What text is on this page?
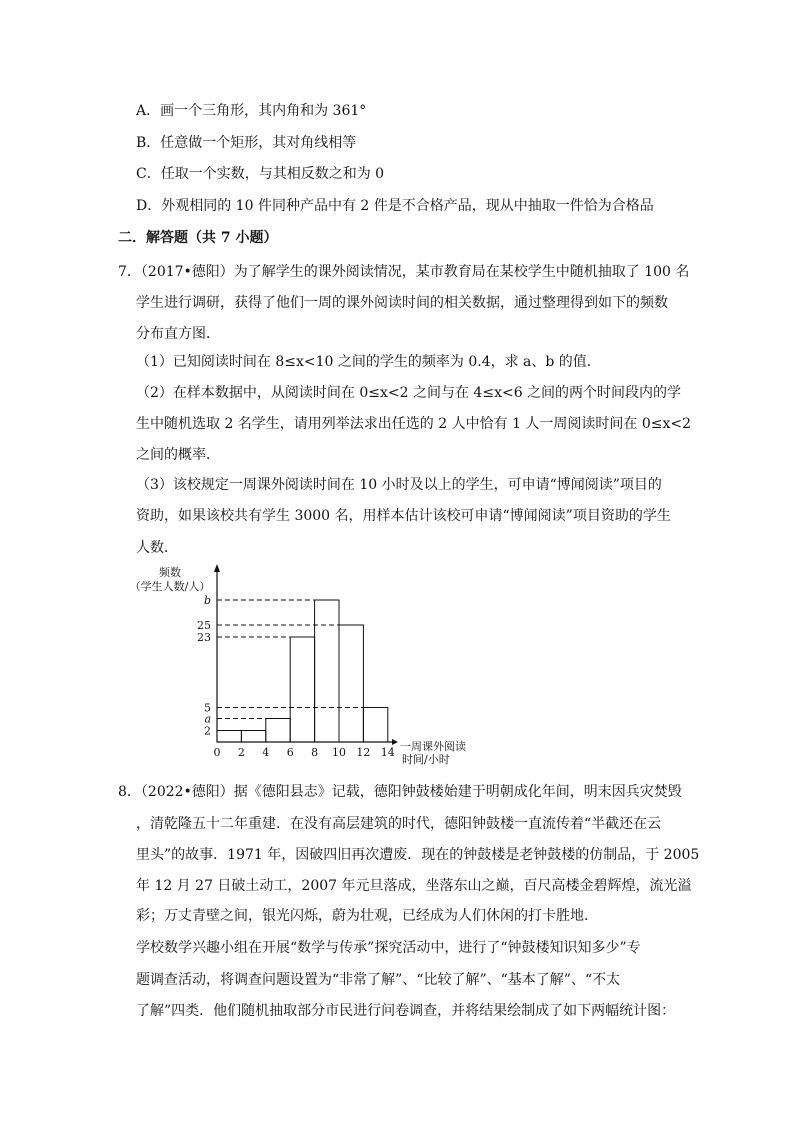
A．画一个三角形，其内角和为 361°
B．任意做一个矩形，其对角线相等
C．任取一个实数，与其相反数之和为 0
D．外观相同的 10 件同种产品中有 2 件是不合格产品，现从中抽取一件恰为合格品
二．解答题（共 7 小题）
7．（2017•德阳）为了解学生的课外阅读情况，某市教育局在某校学生中随机抽取了 100 名
学生进行调研，获得了他们一周的课外阅读时间的相关数据，通过整理得到如下的频数
分布直方图．
（1）已知阅读时间在 8≤x<10 之间的学生的频率为 0.4，求 a、b 的值．
（2）在样本数据中，从阅读时间在 0≤x<2 之间与在 4≤x<6 之间的两个时间段内的学
生中随机选取 2 名学生，请用列举法求出任选的 2 人中恰有 1 人一周阅读时间在 0≤x<2
之间的概率．
（3）该校规定一周课外阅读时间在 10 小时及以上的学生，可申请“博闻阅读”项目的
资助，如果该校共有学生 3000 名，用样本估计该校可申请“博闻阅读”项目资助的学生
人数．
2
a
5
23
25
b
0 2 4 6 8 10 12 14
频数
（学生人数/人）
一周课外阅读
时间/小时
8．（2022•德阳）据《德阳县志》记载，德阳钟鼓楼始建于明朝成化年间，明末因兵灾焚毁
，清乾隆五十二年重建．在没有高层建筑的时代，德阳钟鼓楼一直流传着“半截还在云
里头”的故事．1971 年，因破四旧再次遭废．现在的钟鼓楼是老钟鼓楼的仿制品，于 2005
年 12 月 27 日破土动工，2007 年元旦落成，坐落东山之巅，百尺高楼金碧辉煌，流光溢
彩；万丈青壁之间，银光闪烁，蔚为壮观，已经成为人们休闲的打卡胜地．
学校数学兴趣小组在开展“数学与传承”探究活动中，进行了“钟鼓楼知识知多少”专
题调查活动，将调查问题设置为“非常了解”、“比较了解”、“基本了解”、“不太
了解”四类．他们随机抽取部分市民进行问卷调查，并将结果绘制成了如下两幅统计图：
